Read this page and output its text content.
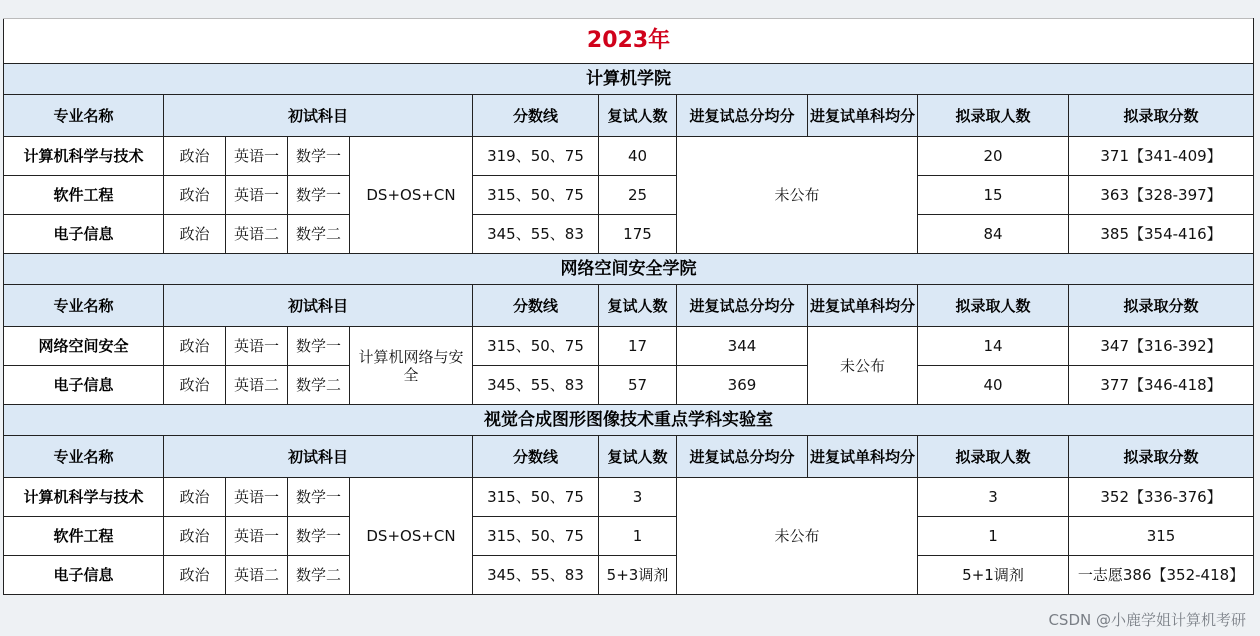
2023年										
计算机学院										
专业名称	初试科目				分数线	复试人数	进复试总分均分	进复试单科均分	拟录取人数	拟录取分数
计算机科学与技术	政治	英语一	数学一	DS+OS+CN	319、50、75	40	未公布		20	371【341-409】
软件工程	政治	英语一	数学一		315、50、75	25			15	363【328-397】
电子信息	政治	英语二	数学二		345、55、83	175			84	385【354-416】
网络空间安全学院										
专业名称	初试科目				分数线	复试人数	进复试总分均分	进复试单科均分	拟录取人数	拟录取分数
网络空间安全	政治	英语一	数学一	计算机网络与安全	315、50、75	17	344	未公布	14	347【316-392】
电子信息	政治	英语二	数学二		345、55、83	57	369		40	377【346-418】
视觉合成图形图像技术重点学科实验室										
专业名称	初试科目				分数线	复试人数	进复试总分均分	进复试单科均分	拟录取人数	拟录取分数
计算机科学与技术	政治	英语一	数学一	DS+OS+CN	315、50、75	3	未公布		3	352【336-376】
软件工程	政治	英语一	数学一		315、50、75	1			1	315
电子信息	政治	英语二	数学二		345、55、83	5+3调剂			5+1调剂	一志愿386【352-418】
CSDN @小鹿学姐计算机考研
